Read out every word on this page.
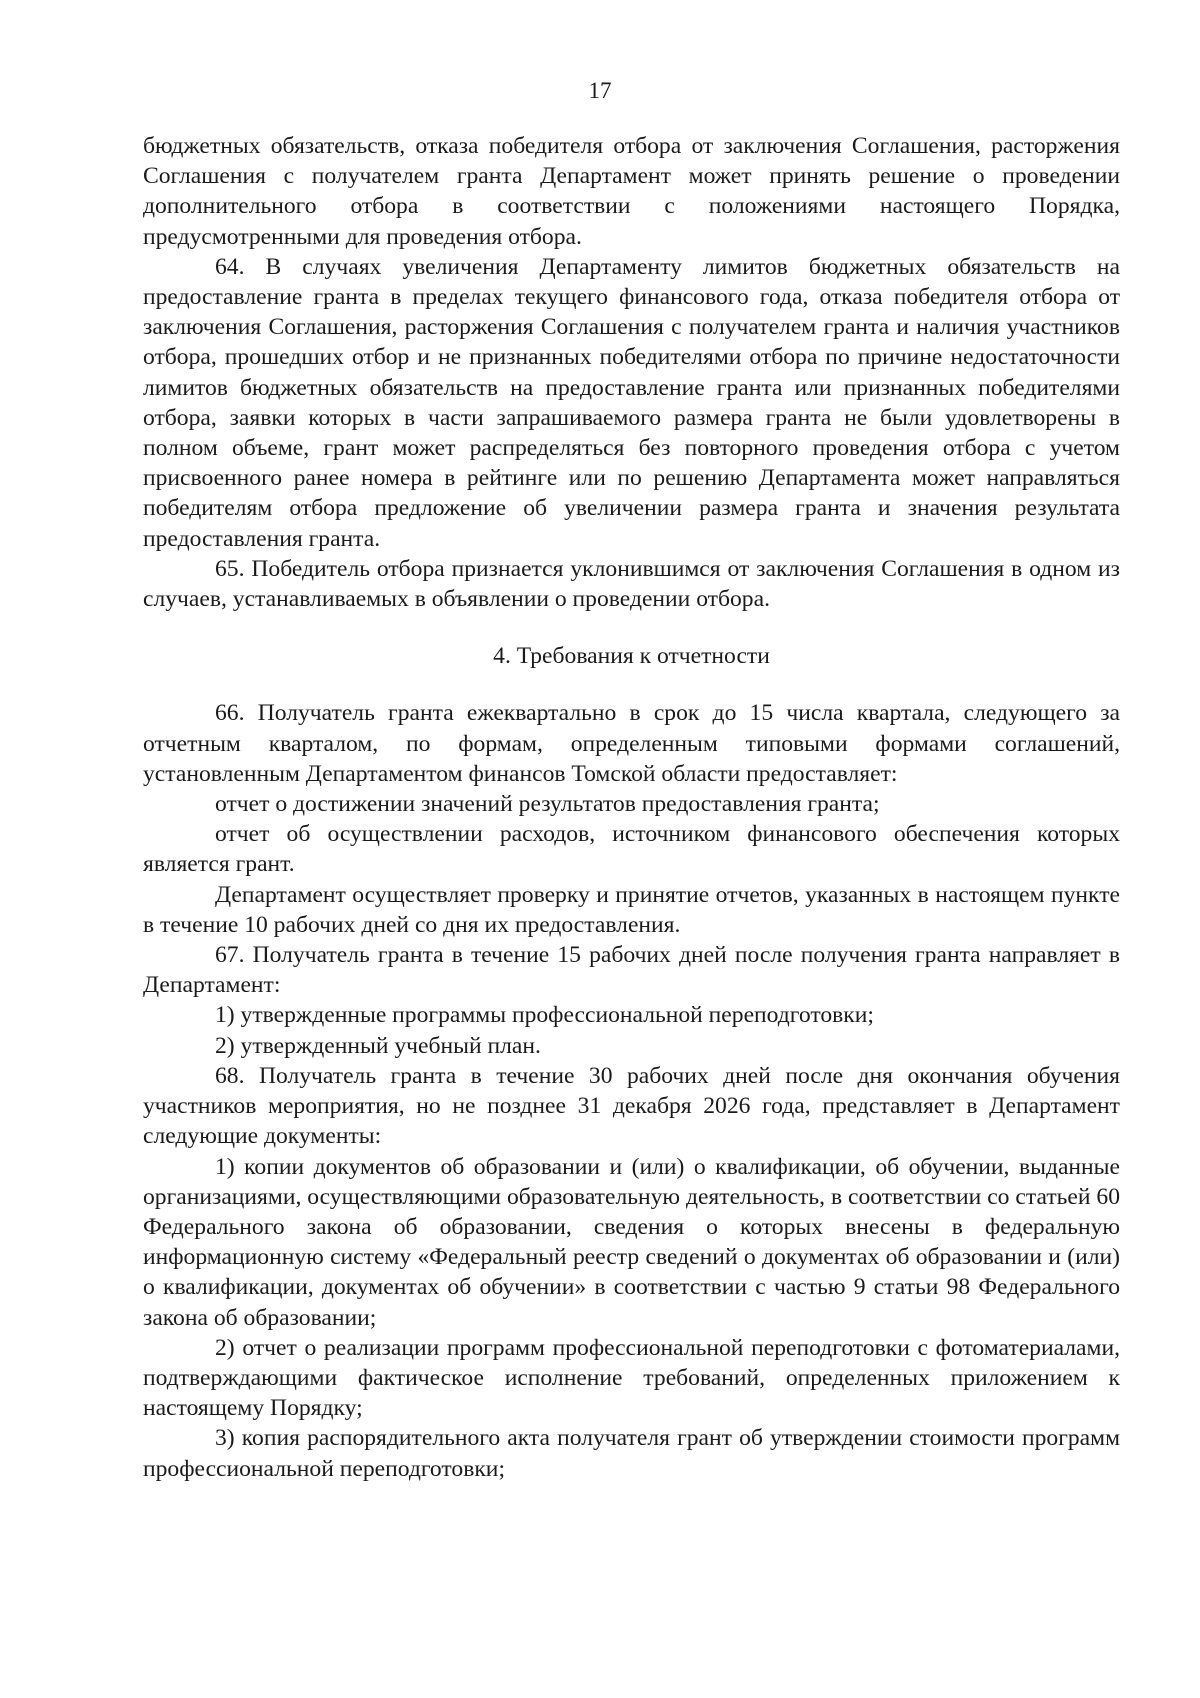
17

бюджетных обязательств, отказа победителя отбора от заключения Соглашения, расторжения Соглашения с получателем гранта Департамент может принять решение о проведении дополнительного отбора в соответствии с положениями настоящего Порядка, предусмотренными для проведения отбора.

64. В случаях увеличения Департаменту лимитов бюджетных обязательств на предоставление гранта в пределах текущего финансового года, отказа победителя отбора от заключения Соглашения, расторжения Соглашения с получателем гранта и наличия участников отбора, прошедших отбор и не признанных победителями отбора по причине недостаточности лимитов бюджетных обязательств на предоставление гранта или признанных победителями отбора, заявки которых в части запрашиваемого размера гранта не были удовлетворены в полном объеме, грант может распределяться без повторного проведения отбора с учетом присвоенного ранее номера в рейтинге или по решению Департамента может направляться победителям отбора предложение об увеличении размера гранта и значения результата предоставления гранта.

65. Победитель отбора признается уклонившимся от заключения Соглашения в одном из случаев, устанавливаемых в объявлении о проведении отбора.

4. Требования к отчетности

66. Получатель гранта ежеквартально в срок до 15 числа квартала, следующего за отчетным кварталом, по формам, определенным типовыми формами соглашений, установленным Департаментом финансов Томской области предоставляет:

отчет о достижении значений результатов предоставления гранта;

отчет об осуществлении расходов, источником финансового обеспечения которых является грант.

Департамент осуществляет проверку и принятие отчетов, указанных в настоящем пункте в течение 10 рабочих дней со дня их предоставления.

67. Получатель гранта в течение 15 рабочих дней после получения гранта направляет в Департамент:

1) утвержденные программы профессиональной переподготовки;

2) утвержденный учебный план.

68. Получатель гранта в течение 30 рабочих дней после дня окончания обучения участников мероприятия, но не позднее 31 декабря 2026 года, представляет в Департамент следующие документы:

1) копии документов об образовании и (или) о квалификации, об обучении, выданные организациями, осуществляющими образовательную деятельность, в соответствии со статьей 60 Федерального закона об образовании, сведения о которых внесены в федеральную информационную систему «Федеральный реестр сведений о документах об образовании и (или) о квалификации, документах об обучении» в соответствии с частью 9 статьи 98 Федерального закона об образовании;

2) отчет о реализации программ профессиональной переподготовки с фотоматериалами, подтверждающими фактическое исполнение требований, определенных приложением к настоящему Порядку;

3) копия распорядительного акта получателя грант об утверждении стоимости программ профессиональной переподготовки;
